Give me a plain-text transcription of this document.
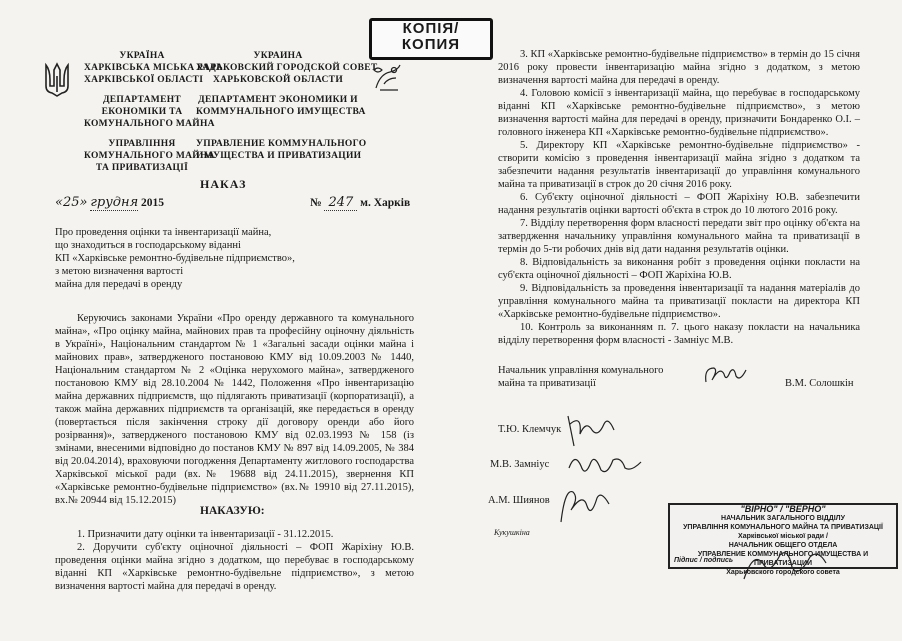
УКРАЇНА
ХАРКІВСЬКА МІСЬКА РАДА
ХАРКІВСЬКОЇ ОБЛАСТІ
ДЕПАРТАМЕНТ
ЕКОНОМІКИ ТА
КОМУНАЛЬНОГО МАЙНА
УПРАВЛІННЯ
КОМУНАЛЬНОГО МАЙНА
ТА ПРИВАТИЗАЦІЇ
УКРАИНА
ХАРЬКОВСКИЙ ГОРОДСКОЙ СОВЕТ
ХАРЬКОВСКОЙ ОБЛАСТИ
ДЕПАРТАМЕНТ ЭКОНОМИКИ И
КОММУНАЛЬНОГО ИМУЩЕСТВА
УПРАВЛЕНИЕ КОММУНАЛЬНОГО
ИМУЩЕСТВА И ПРИВАТИЗАЦИИ
КОПІЯ/
КОПИЯ
НАКАЗ
«25» грудня 2015	№ 247 м. Харків
Про проведення оцінки та інвентаризації майна,
що знаходиться в господарському віданні
КП «Харківське ремонтно-будівельне підприємство»,
з метою визначення вартості
майна для передачі в оренду

Керуючись законами України «Про оренду державного та комунального майна», «Про оцінку майна, майнових прав та професійну оціночну діяльність в Україні», Національним стандартом № 1 «Загальні засади оцінки майна і майнових прав», затвердженого постановою КМУ від 10.09.2003 № 1440, Національним стандартом № 2 «Оцінка нерухомого майна», затвердженого постановою КМУ від 28.10.2004 № 1442, Положення «Про інвентаризацію майна державних підприємств, що підлягають приватизації (корпоратизації), а також майна державних підприємств та організацій, яке передається в оренду (повертається після закінчення строку дії договору оренди або його розірвання)», затвердженого постановою КМУ від 02.03.1993 № 158 (із змінами, внесеними відповідно до постанов КМУ № 897 від 14.09.2005, № 384 від 20.04.2014), враховуючи погодження Департаменту житлового господарства Харківської міської ради (вх.№ 19688 від 24.11.2015), звернення КП «Харківське ремонтно-будівельне підприємство» (вх.№ 19910 від 27.11.2015), вх.№ 20944 від 15.12.2015)

НАКАЗУЮ:

1. Призначити дату оцінки та інвентаризації - 31.12.2015.

2. Доручити суб'єкту оціночної діяльності – ФОП Жаріхіну Ю.В. проведення оцінки майна згідно з додатком, що перебуває в господарському віданні КП «Харківське ремонтно-будівельне підприємство», з метою визначення вартості майна для передачі в оренду.

3. КП «Харківське ремонтно-будівельне підприємство» в термін до 15 січня 2016 року провести інвентаризацію майна згідно з додатком, з метою визначення вартості майна для передачі в оренду.

4. Головою комісії з інвентаризації майна, що перебуває в господарському віданні КП «Харківське ремонтно-будівельне підприємство», з метою визначення вартості майна для передачі в оренду, призначити Бондаренко О.І. – головного інженера КП «Харківське ремонтно-будівельне підприємство».

5. Директору КП «Харківське ремонтно-будівельне підприємство» - створити комісію з проведення інвентаризації майна згідно з додатком та забезпечити надання результатів інвентаризації до управління комунального майна та приватизації в строк до 20 січня 2016 року.

6. Суб'єкту оціночної діяльності – ФОП Жаріхіну Ю.В. забезпечити надання результатів оцінки вартості об'єкта в строк до 10 лютого 2016 року.

7. Відділу перетворення форм власності передати звіт про оцінку об'єкта на затвердження начальнику управління комунального майна та приватизації в термін до 5-ти робочих днів від дати надання результатів оцінки.

8. Відповідальність за виконання робіт з проведення оцінки покласти на суб'єкта оціночної діяльності – ФОП Жаріхіна Ю.В.

9. Відповідальність за проведення інвентаризації та надання матеріалів до управління комунального майна та приватизації покласти на директора КП «Харківське ремонтно-будівельне підприємство».

10. Контроль за виконанням п. 7. цього наказу покласти на начальника відділу перетворення форм власності - Замніус М.В.

Начальник управління комунального
майна та приватизації	В.М. Солошкін
Т.Ю. Клемчук
М.В. Замніус
А.М. Шиянов
Кукушкіна
"ВІРНО" / "ВЕРНО"
НАЧАЛЬНИК ЗАГАЛЬНОГО ВІДДІЛУ
УПРАВЛІННЯ КОМУНАЛЬНОГО МАЙНА ТА ПРИВАТИЗАЦІЇ
Харківської міської ради /
НАЧАЛЬНИК ОБЩЕГО ОТДЕЛА
УПРАВЛЕНИЕ КОММУНАЛЬНОГО ИМУЩЕСТВА И ПРИВАТИЗАЦИИ
Харьковского городского совета
Підпис / подпись
